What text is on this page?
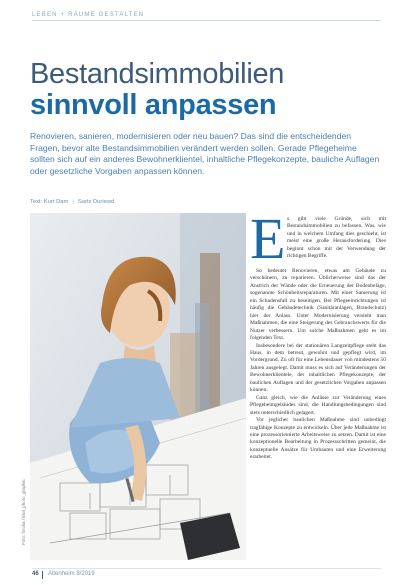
LEBEN + RÄUME GESTALTEN
Bestandsimmobilien
sinnvoll anpassen

Renovieren, sanieren, modernisieren oder neu bauen? Das sind die entscheidenden Fragen, bevor alte Bestandsimmobilien verändert werden sollen. Gerade Pflegeheime sollten sich auf ein anderes Bewohnerklientel, inhaltliche Pflegekonzepte, bauliche Auflagen oder gesetzliche Vorgaben anpassen können.

Text: Kurt Dam | Sarts Duriewd
Foto: fotolia / kiwi_photo_graphic
E s gibt viele Gründe, sich mit Bestandsimmobilien zu befassen. Was, wie und in welchem Umfang dies geschieht, ist meist eine große Herausforderung. Dies beginnt schon mit der Verwendung der richtigen Begriffe.

So bedeutet Renovieren, etwas am Gebäude zu verschönern, zu reparieren. Üblicherweise sind das der Anstrich der Wände oder die Erneuerung der Bodenbeläge, sogenannte Schönheitsreparaturen. Mit einer Sanierung ist ein Schadensfall zu beseitigen. Bei Pflegeeinrichtungen ist häufig die Gebäudetechnik (Sanitäranlagen, Brandschutz) hier der Anlass. Unter Modernisierung versteht man Maßnahmen, die eine Steigerung des Gebrauchswerts für die Nutzer verbessern. Um solche Maßnahmen geht es im folgenden Text.

Insbesondere bei der stationären Langzeitpflege steht das Haus, in dem betreut, gewohnt und gepflegt wird, im Vordergrund. Zu oft für eine Lebensdauer von mindestens 50 Jahren ausgelegt. Damit muss es sich auf Veränderungen der Bewohnerklientele, der inhaltlichen Pflegekonzepte, der baulichen Auflagen und der gesetzlichen Vorgaben anpassen können.

Ganz gleich, wie die Anlässe zur Veränderung eines Pflegeheimgebäudes sind, die Handlungsbedingungen sind stets unterschiedlich gelagert.

Vor jeglicher baulichen Maßnahme sind unbedingt tragfähige Konzepte zu entwickeln. Über jede Maßnahme ist eine prozessorientierte Arbeitsweise zu setzen. Damit ist eine konzeptionelle Bearbeitung in Prozessschritten gemeint, die konzeptuelle Ansätze für Umbauten und eine Erweiterung erarbeitet.

46 Altenheim 8/2019
